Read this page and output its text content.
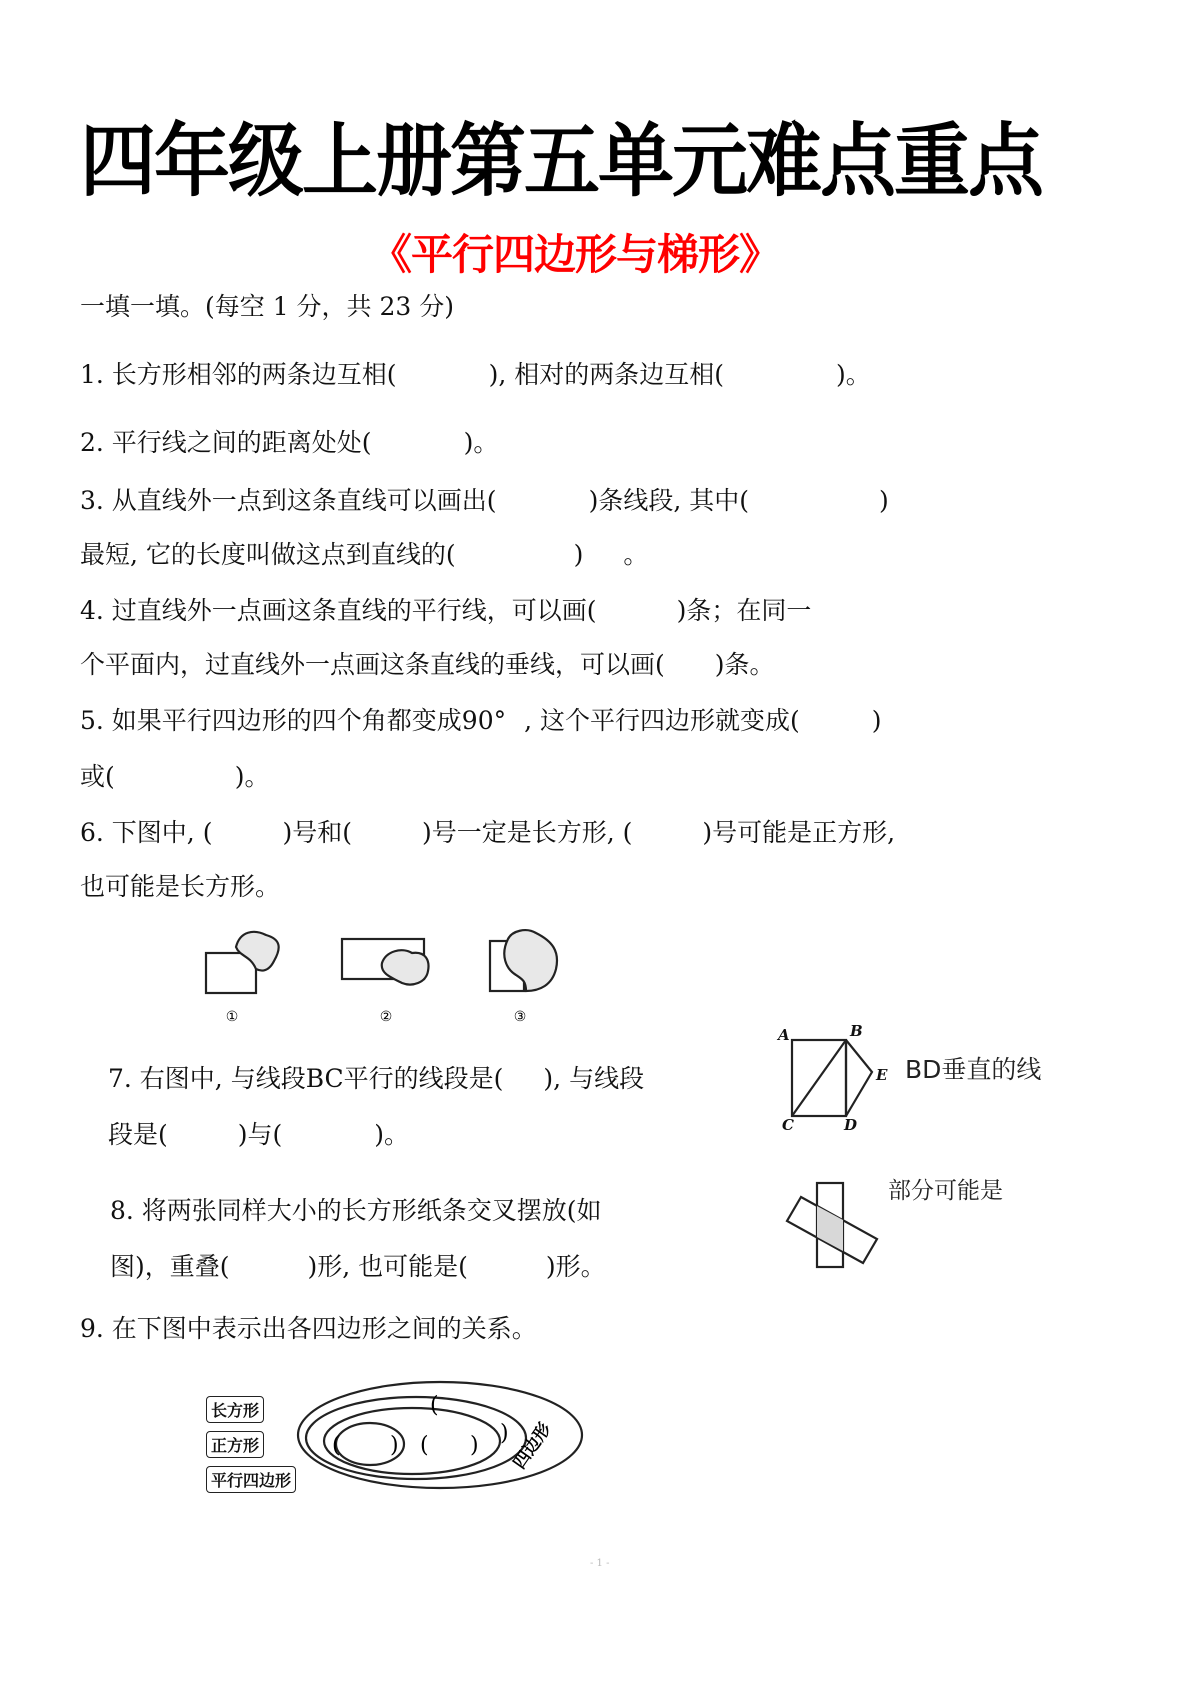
四年级上册第五单元难点重点
《平行四边形与梯形》
一填一填。(每空 1 分，共 23 分)
1. 长方形相邻的两条边互相(	), 相对的两条边互相(	)。
2. 平行线之间的距离处处(	)。
3. 从直线外一点到这条直线可以画出(	)条线段, 其中(	)
最短, 它的长度叫做这点到直线的(	) 。
4. 过直线外一点画这条直线的平行线，可以画(	)条；在同一
个平面内，过直线外一点画这条直线的垂线，可以画( )条。
5. 如果平行四边形的四个角都变成90° , 这个平行四边形就变成(	)
或(	)。
6. 下图中, (	)号和(	)号一定是长方形, (	)号可能是正方形,
也可能是长方形。
①	②	③
7. 右图中, 与线段BC平行的线段是( ), 与线段
段是(	)与(	)。
A	B
C	D
E BD垂直的线
8. 将两张同样大小的长方形纸条交叉摆放(如
图)，重叠(	)形, 也可能是(	)形。
部分可能是
9. 在下图中表示出各四边形之间的关系。
长方形
正方形
平行四边形
( ) ( )
(
) 四边形
- 1 -
